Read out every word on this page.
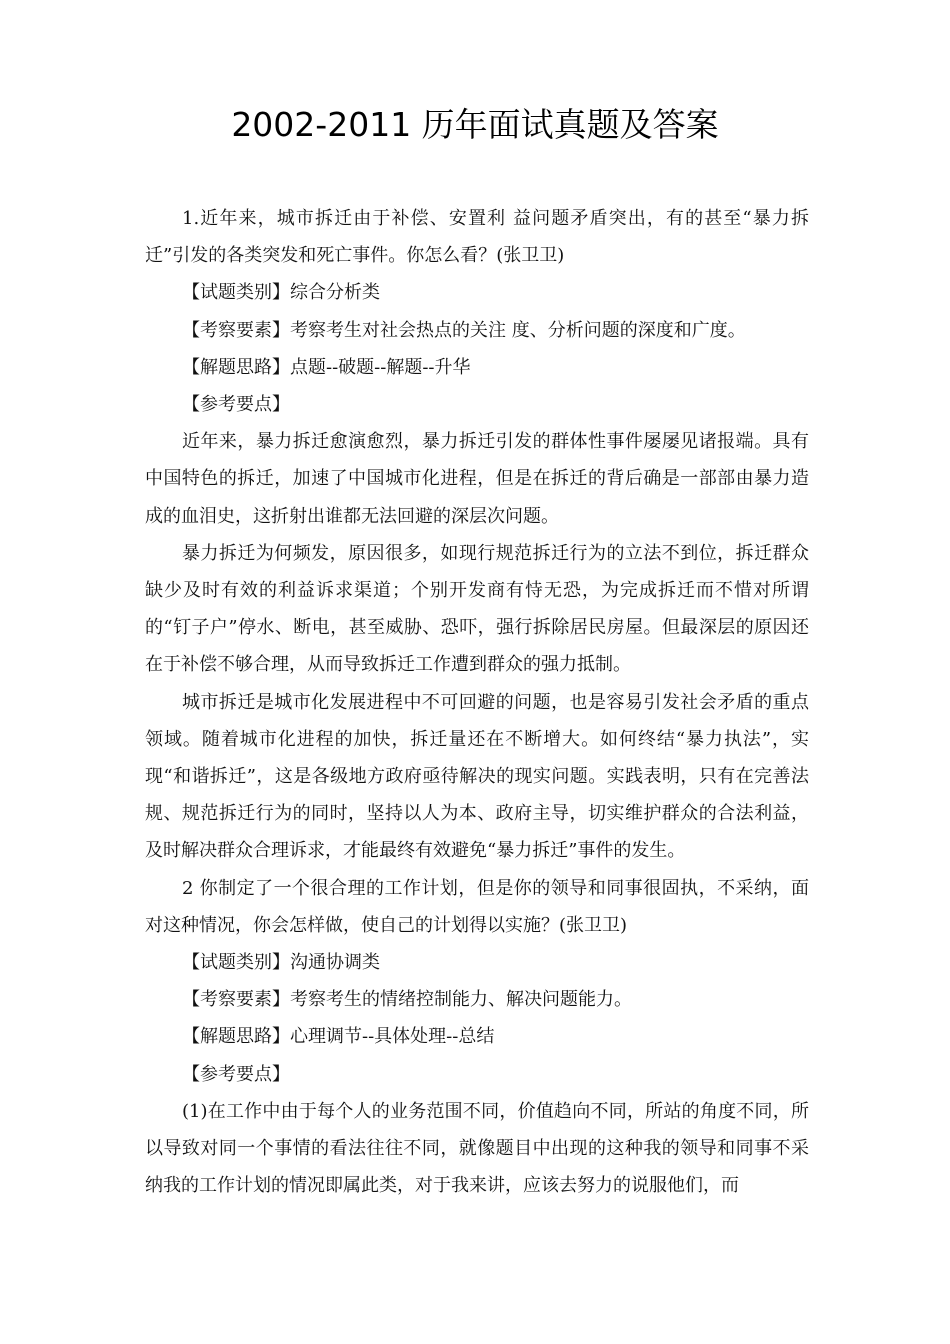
2002-2011 历年面试真题及答案

1.近年来，城市拆迁由于补偿、安置利 益问题矛盾突出，有的甚至“暴力拆迁”引发的各类突发和死亡事件。你怎么看？(张卫卫)

【试题类别】综合分析类

【考察要素】考察考生对社会热点的关注 度、分析问题的深度和广度。

【解题思路】点题--破题--解题--升华

【参考要点】

近年来，暴力拆迁愈演愈烈，暴力拆迁引发的群体性事件屡屡见诸报端。具有中国特色的拆迁，加速了中国城市化进程，但是在拆迁的背后确是一部部由暴力造成的血泪史，这折射出谁都无法回避的深层次问题。

暴力拆迁为何频发，原因很多，如现行规范拆迁行为的立法不到位，拆迁群众缺少及时有效的利益诉求渠道；个别开发商有恃无恐，为完成拆迁而不惜对所谓的“钉子户”停水、断电，甚至威胁、恐吓，强行拆除居民房屋。但最深层的原因还在于补偿不够合理，从而导致拆迁工作遭到群众的强力抵制。

城市拆迁是城市化发展进程中不可回避的问题，也是容易引发社会矛盾的重点领域。随着城市化进程的加快，拆迁量还在不断增大。如何终结“暴力执法”，实现“和谐拆迁”，这是各级地方政府亟待解决的现实问题。实践表明，只有在完善法规、规范拆迁行为的同时，坚持以人为本、政府主导，切实维护群众的合法利益，及时解决群众合理诉求，才能最终有效避免“暴力拆迁”事件的发生。

2 你制定了一个很合理的工作计划，但是你的领导和同事很固执，不采纳，面对这种情况，你会怎样做，使自己的计划得以实施？(张卫卫)

【试题类别】沟通协调类

【考察要素】考察考生的情绪控制能力、解决问题能力。

【解题思路】心理调节--具体处理--总结

【参考要点】

(1)在工作中由于每个人的业务范围不同，价值趋向不同，所站的角度不同，所以导致对同一个事情的看法往往不同，就像题目中出现的这种我的领导和同事不采纳我的工作计划的情况即属此类，对于我来讲，应该去努力的说服他们，而
